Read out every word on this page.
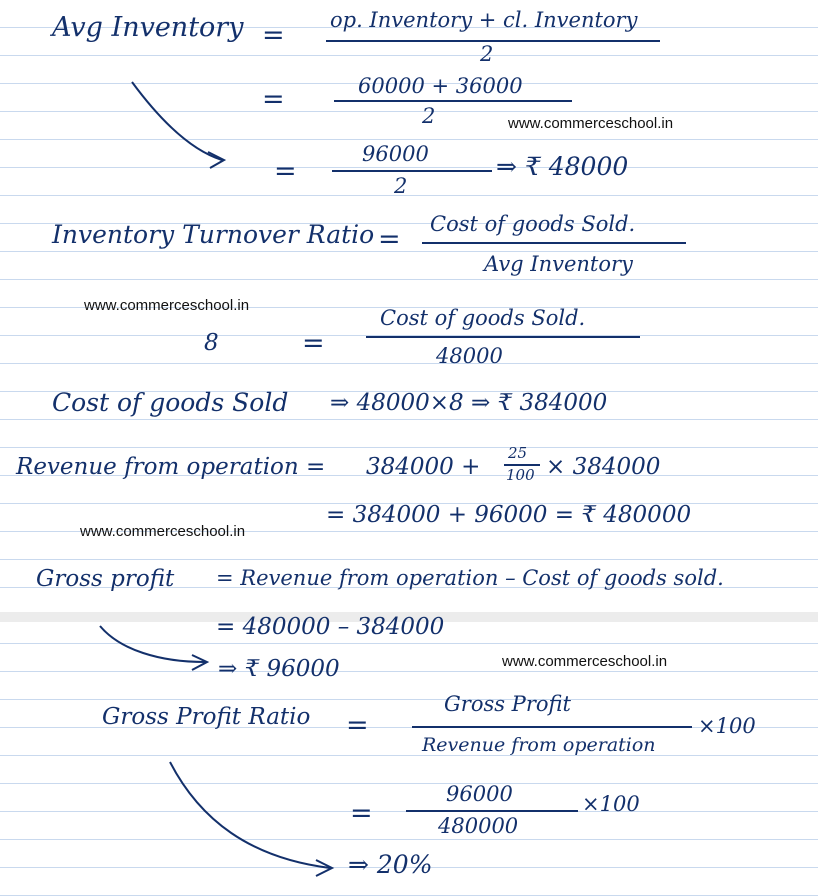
Avg Inventory = op. Inventory + cl. Inventory
2
=	60000 + 36000
2
=
96000
2
⇒ ₹ 48000
www.commerceschool.in
Inventory Turnover Ratio = Cost of goods Sold.
Avg Inventory
www.commerceschool.in
8	=
Cost of goods Sold.
48000
Cost of goods Sold ⇒ 48000×8 ⇒ ₹ 384000
Revenue from operation = 384000 +
25
100 × 384000
www.commerceschool.in
= 384000 + 96000 = ₹ 480000
Gross profit = Revenue from operation – Cost of goods sold.
= 480000 – 384000
⇒ ₹ 96000	www.commerceschool.in
Gross Profit Ratio =
Gross Profit
Revenue from operation
×100
=
96000
480000
×100
⇒ 20%
